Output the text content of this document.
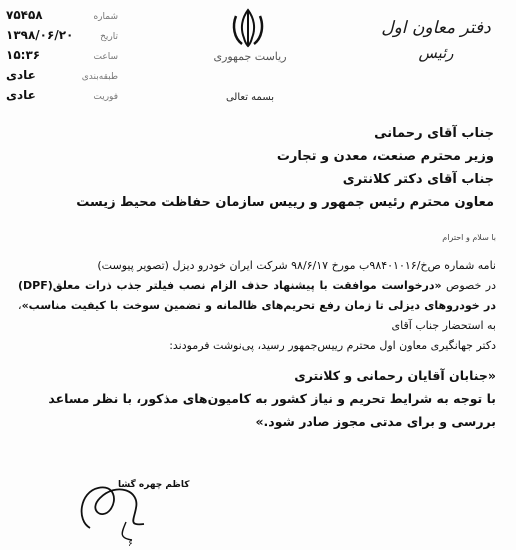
شماره
۷۵۴۵۸
تاریخ
۱۳۹۸/۰۶/۲۰
ساعت
۱۵:۳۶
طبقه‌بندی
عادی
فوریت
عادی
ریاست جمهوری
بسمه تعالی
دفتر معاون اول
رئیس
جناب آقای رحمانی
وزیر محترم صنعت، معدن و تجارت
جناب آقای دکتر کلانتری
معاون محترم رئیس جمهور و رییس سازمان حفاظت محیط زیست
با سلام و احترام

نامه شماره ص‌خ/۹۸۴۰۱۰۱۶ب مورخ ۹۸/۶/۱۷ شرکت ایران خودرو دیزل (تصویر پیوست)

در خصوص «درخواست موافقت با پیشنهاد حذف الزام نصب فیلتر جذب ذرات معلق(DPF) در خودروهای دیزلی تا زمان رفع تحریم‌های ظالمانه و تضمین سوخت با کیفیت مناسب»، به استحضار جناب آقای

دکتر جهانگیری معاون اول محترم رییس‌جمهور رسید، پی‌نوشت فرمودند:

«جنابان آقایان رحمانی و کلانتری
با توجه به شرایط تحریم و نیاز کشور به کامیون‌های مذکور، با نظر مساعد
بررسی و برای مدتی مجوز صادر شود.»
۶
کاظم چهره گشا
